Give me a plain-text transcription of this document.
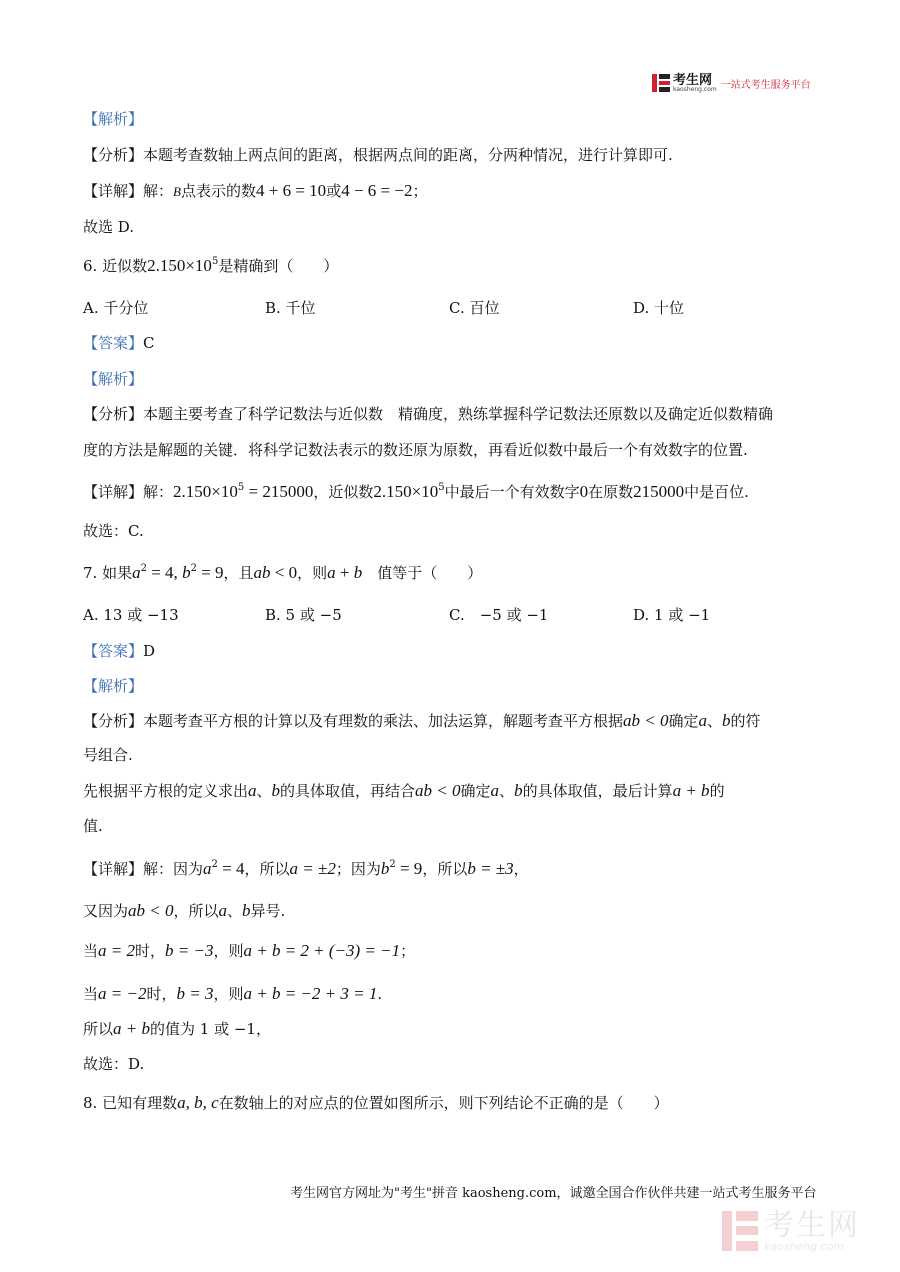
考生网
kaosheng.com 一站式考生服务平台
【解析】
【分析】本题考查数轴上两点间的距离，根据两点间的距离，分两种情况，进行计算即可.
【详解】解：B点表示的数4 + 6 = 10或4 − 6 = −2；
故选 D.
6. 近似数$2.150\times 10^5$是精确到（　　）
A. 千分位	B. 千位	C. 百位	D. 十位
【答案】C
【解析】
【分析】本题主要考查了科学记数法与近似数　精确度，熟练掌握科学记数法还原数以及确定近似数精确
度的方法是解题的关键．将科学记数法表示的数还原为原数，再看近似数中最后一个有效数字的位置.
【详解】解：$2.150\times 10^5 = 215000$，近似数$2.150\times 10^5$中最后一个有效数字0在原数215000中是百位.
故选：C.
7. 如果$a^2 = 4$, $b^2 = 9$，且ab < 0，则a + b　值等于（　　）
A. 13 或 −13	B. 5 或 −5	C.　−5 或 −1	D. 1 或 −1
【答案】D
【解析】
【分析】本题考查平方根的计算以及有理数的乘法、加法运算，解题考查平方根据ab < 0确定a、b的符
号组合.
先根据平方根的定义求出a、b的具体取值，再结合ab < 0确定a、b的具体取值，最后计算a + b的
值.
【详解】解：因为$a^2 = 4$，所以a = ±2；因为$b^2 = 9$，所以b = ±3，
又因为ab < 0，所以a、b异号.
当a = 2时，b = −3，则a + b = 2 + (−3) = −1；
当a = −2时，b = 3，则a + b = −2 + 3 = 1.
所以a + b的值为 1 或 −1，
故选：D.
8. 已知有理数a, b, c在数轴上的对应点的位置如图所示，则下列结论不正确的是（　　）
考生网官方网址为"考生"拼音 kaosheng.com，诚邀全国合作伙伴共建一站式考生服务平台
考生网
kaosheng.com
